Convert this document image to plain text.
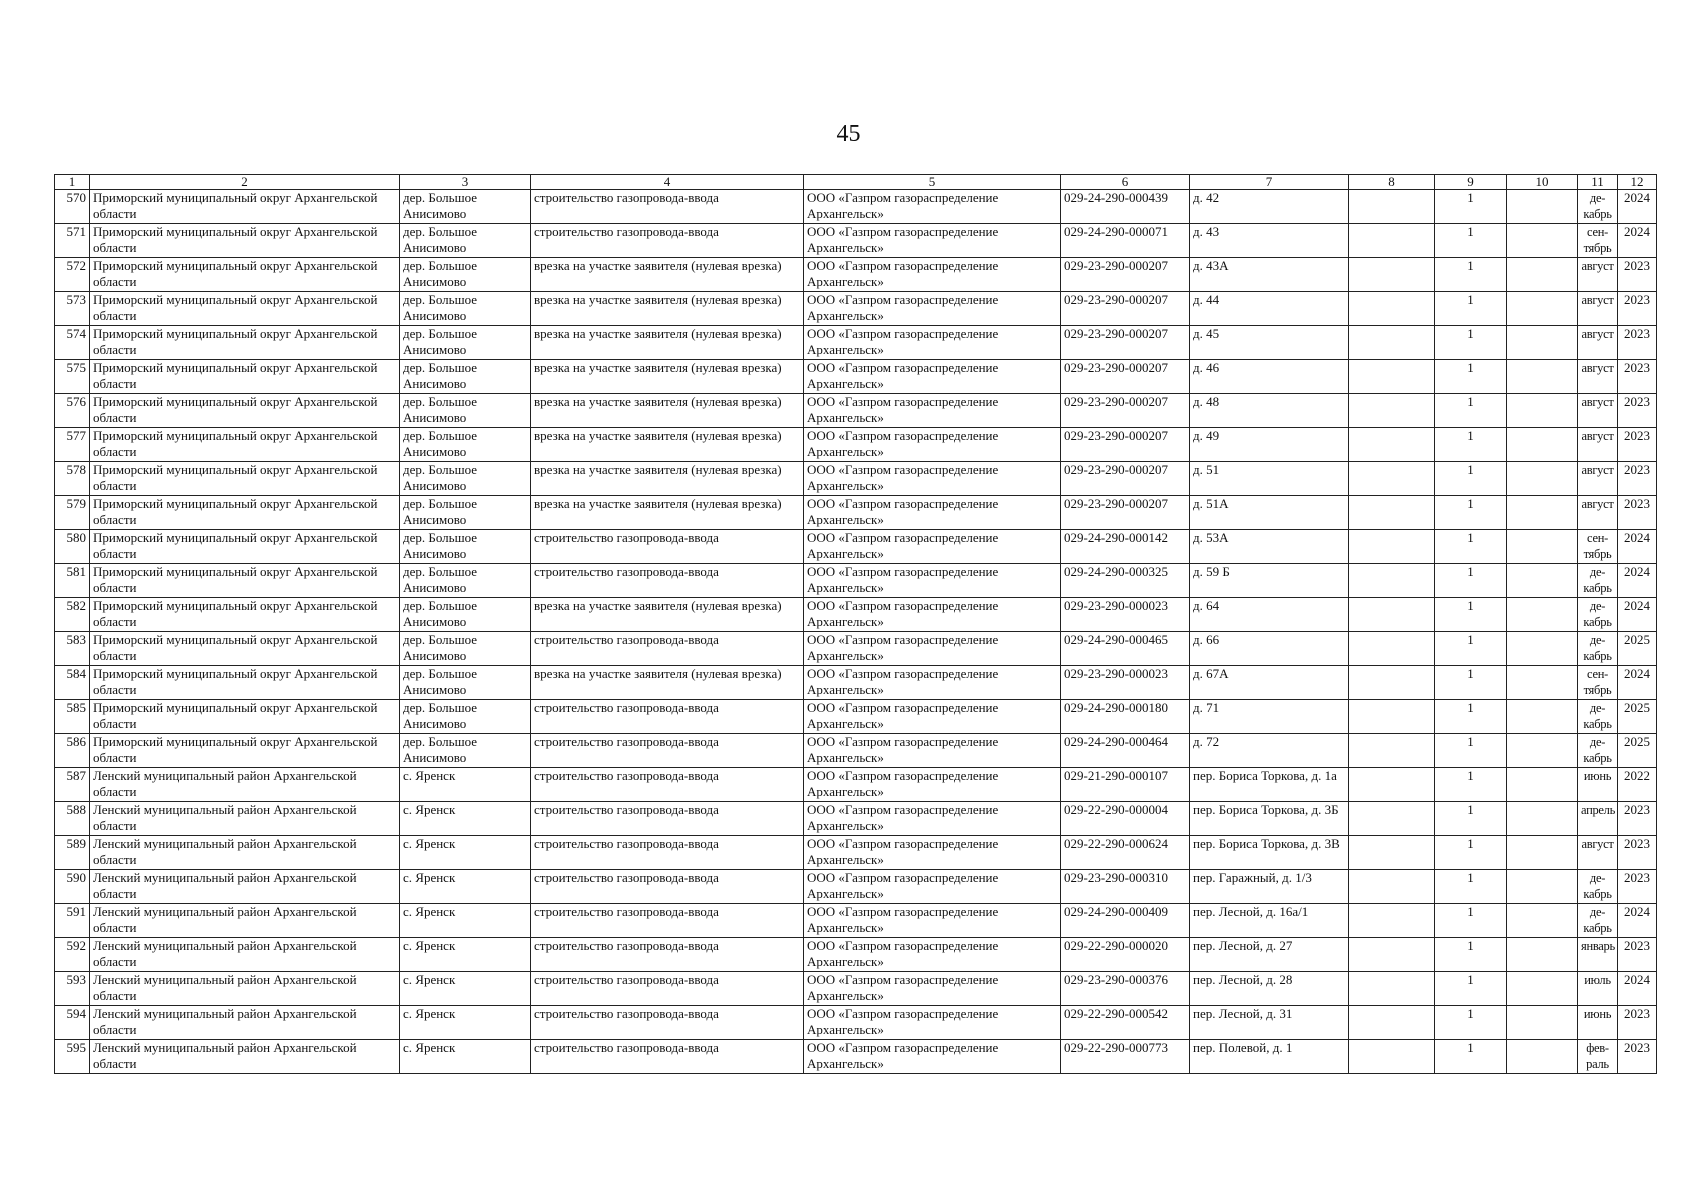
45
1	2	3	4	5	6	7	8	9	10	11	12
570	Приморский муниципальный округ Архангельской области	дер. Большое Анисимово	строительство газопровода-ввода	ООО «Газпром газораспределение Архангельск»	029-24-290-000439	д. 42		1		де-кабрь	2024
571	Приморский муниципальный округ Архангельской области	дер. Большое Анисимово	строительство газопровода-ввода	ООО «Газпром газораспределение Архангельск»	029-24-290-000071	д. 43		1		сен-тябрь	2024
572	Приморский муниципальный округ Архангельской области	дер. Большое Анисимово	врезка на участке заявителя (нулевая врезка)	ООО «Газпром газораспределение Архангельск»	029-23-290-000207	д. 43А		1		август	2023
573	Приморский муниципальный округ Архангельской области	дер. Большое Анисимово	врезка на участке заявителя (нулевая врезка)	ООО «Газпром газораспределение Архангельск»	029-23-290-000207	д. 44		1		август	2023
574	Приморский муниципальный округ Архангельской области	дер. Большое Анисимово	врезка на участке заявителя (нулевая врезка)	ООО «Газпром газораспределение Архангельск»	029-23-290-000207	д. 45		1		август	2023
575	Приморский муниципальный округ Архангельской области	дер. Большое Анисимово	врезка на участке заявителя (нулевая врезка)	ООО «Газпром газораспределение Архангельск»	029-23-290-000207	д. 46		1		август	2023
576	Приморский муниципальный округ Архангельской области	дер. Большое Анисимово	врезка на участке заявителя (нулевая врезка)	ООО «Газпром газораспределение Архангельск»	029-23-290-000207	д. 48		1		август	2023
577	Приморский муниципальный округ Архангельской области	дер. Большое Анисимово	врезка на участке заявителя (нулевая врезка)	ООО «Газпром газораспределение Архангельск»	029-23-290-000207	д. 49		1		август	2023
578	Приморский муниципальный округ Архангельской области	дер. Большое Анисимово	врезка на участке заявителя (нулевая врезка)	ООО «Газпром газораспределение Архангельск»	029-23-290-000207	д. 51		1		август	2023
579	Приморский муниципальный округ Архангельской области	дер. Большое Анисимово	врезка на участке заявителя (нулевая врезка)	ООО «Газпром газораспределение Архангельск»	029-23-290-000207	д. 51А		1		август	2023
580	Приморский муниципальный округ Архангельской области	дер. Большое Анисимово	строительство газопровода-ввода	ООО «Газпром газораспределение Архангельск»	029-24-290-000142	д. 53А		1		сен-тябрь	2024
581	Приморский муниципальный округ Архангельской области	дер. Большое Анисимово	строительство газопровода-ввода	ООО «Газпром газораспределение Архангельск»	029-24-290-000325	д. 59 Б		1		де-кабрь	2024
582	Приморский муниципальный округ Архангельской области	дер. Большое Анисимово	врезка на участке заявителя (нулевая врезка)	ООО «Газпром газораспределение Архангельск»	029-23-290-000023	д. 64		1		де-кабрь	2024
583	Приморский муниципальный округ Архангельской области	дер. Большое Анисимово	строительство газопровода-ввода	ООО «Газпром газораспределение Архангельск»	029-24-290-000465	д. 66		1		де-кабрь	2025
584	Приморский муниципальный округ Архангельской области	дер. Большое Анисимово	врезка на участке заявителя (нулевая врезка)	ООО «Газпром газораспределение Архангельск»	029-23-290-000023	д. 67А		1		сен-тябрь	2024
585	Приморский муниципальный округ Архангельской области	дер. Большое Анисимово	строительство газопровода-ввода	ООО «Газпром газораспределение Архангельск»	029-24-290-000180	д. 71		1		де-кабрь	2025
586	Приморский муниципальный округ Архангельской области	дер. Большое Анисимово	строительство газопровода-ввода	ООО «Газпром газораспределение Архангельск»	029-24-290-000464	д. 72		1		де-кабрь	2025
587	Ленский муниципальный район Архангельской области	с. Яренск	строительство газопровода-ввода	ООО «Газпром газораспределение Архангельск»	029-21-290-000107	пер. Бориса Торкова, д. 1а		1		июнь	2022
588	Ленский муниципальный район Архангельской области	с. Яренск	строительство газопровода-ввода	ООО «Газпром газораспределение Архангельск»	029-22-290-000004	пер. Бориса Торкова, д. 3Б		1		апрель	2023
589	Ленский муниципальный район Архангельской области	с. Яренск	строительство газопровода-ввода	ООО «Газпром газораспределение Архангельск»	029-22-290-000624	пер. Бориса Торкова, д. 3В		1		август	2023
590	Ленский муниципальный район Архангельской области	с. Яренск	строительство газопровода-ввода	ООО «Газпром газораспределение Архангельск»	029-23-290-000310	пер. Гаражный, д. 1/3		1		де-кабрь	2023
591	Ленский муниципальный район Архангельской области	с. Яренск	строительство газопровода-ввода	ООО «Газпром газораспределение Архангельск»	029-24-290-000409	пер. Лесной, д. 16а/1		1		де-кабрь	2024
592	Ленский муниципальный район Архангельской области	с. Яренск	строительство газопровода-ввода	ООО «Газпром газораспределение Архангельск»	029-22-290-000020	пер. Лесной, д. 27		1		январь	2023
593	Ленский муниципальный район Архангельской области	с. Яренск	строительство газопровода-ввода	ООО «Газпром газораспределение Архангельск»	029-23-290-000376	пер. Лесной, д. 28		1		июль	2024
594	Ленский муниципальный район Архангельской области	с. Яренск	строительство газопровода-ввода	ООО «Газпром газораспределение Архангельск»	029-22-290-000542	пер. Лесной, д. 31		1		июнь	2023
595	Ленский муниципальный район Архангельской области	с. Яренск	строительство газопровода-ввода	ООО «Газпром газораспределение Архангельск»	029-22-290-000773	пер. Полевой, д. 1		1		фев-раль	2023
